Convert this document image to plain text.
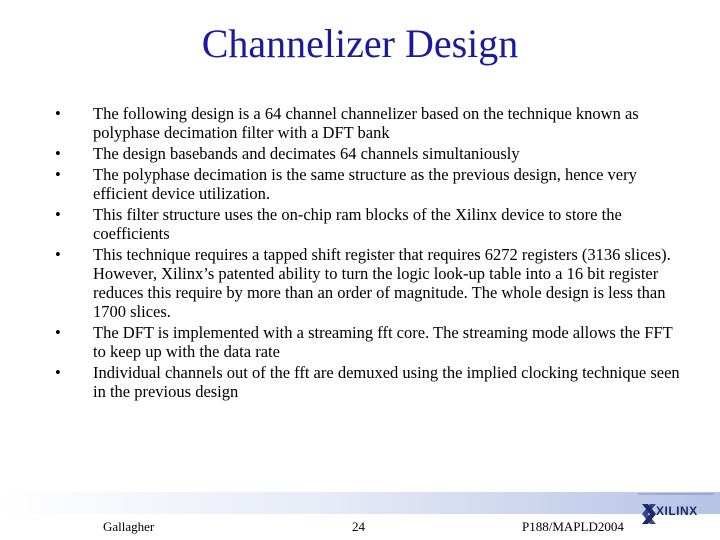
Channelizer Design
• The following design is a 64 channel channelizer based on the technique known as polyphase decimation filter with a DFT bank
• The design basebands and decimates 64 channels simultaniously
• The polyphase decimation is the same structure as the previous design, hence very efficient device utilization.
• This filter structure uses the on-chip ram blocks of the Xilinx device to store the coefficients
• This technique requires a tapped shift register that requires 6272 registers (3136 slices). However, Xilinx’s patented ability to turn the logic look-up table into a 16 bit register reduces this require by more than an order of magnitude. The whole design is less than 1700 slices.
• The DFT is implemented with a streaming fft core. The streaming mode allows the FFT to keep up with the data rate
• Individual channels out of the fft are demuxed using the implied clocking technique seen in the previous design
Gallagher	24	P188/MAPLD2004
XILINX
